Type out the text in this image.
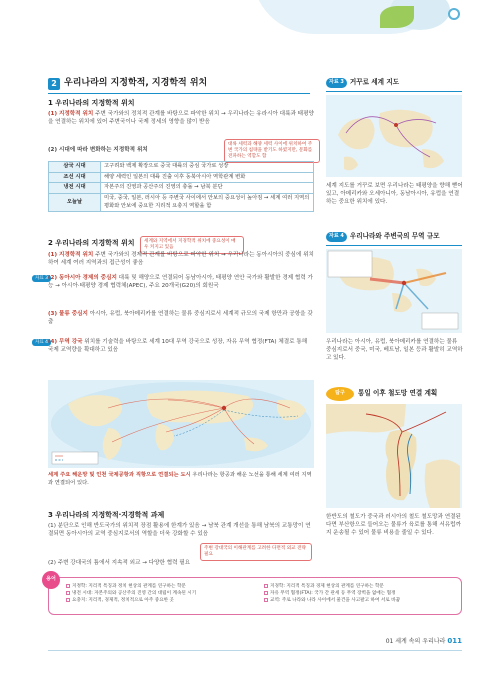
2 우리나라의 지정학적, 지경학적 위치
1 우리나라의 지정학적 위치
(1) 지정학적 위치 주변 국가와의 정치적 관계를 바탕으로 파악한 위치 → 우리나라는 유라시아 대륙과 태평양을 연결하는 위치에 있어 주변국이나 국제 정세의 영향을 많이 받음
(2) 시대에 따라 변화하는 지정학적 위치
대륙 세력과 해양 세력 사이에 위치하여 주변 국가의 침략을 받기도 하였지만, 문화를 전파하는 역할도 함
삼국 시대	고구려와 백제 확장으로 중국 대륙의 중심 국가로 성장
조선 시대	해양 세력인 일본의 대륙 진출 이후 동북아시아 역학관계 변화
냉전 시대	자본주의 진영과 공산주의 진영의 충돌 → 남북 분단
오늘날	미국, 중국, 일본, 러시아 등 주변국 사이에서 안보의 중요성이 높아짐 → 세계 여러 지역의 평화와 안보에 중요한 지리적 요충지 역할을 함
2 우리나라의 지경학적 위치	세계와 지역에서 지경학적 위치에 중요성이 매우 커지고 있음
(1) 지경학적 위치 주변 국가와의 경제적 관계를 바탕으로 파악한 위치 → 우리나라는 동아시아의 중심에 위치하여 세계 여러 지역과의 접근성이 좋음
자료 3 (2) 동아시아 경제의 중심지 대륙 및 해양으로 연결되어 동남아시아, 태평양 연안 국가와 활발한 경제 협력 가능 → 아시아·태평양 경제 협력체(APEC), 주요 20개국(G20)의 회원국
(3) 물류 중심지 아시아, 유럽, 북아메리카를 연결하는 물류 중심지로서 세계적 규모의 국제 항만과 공항을 갖춤
자료 4 (4) 무역 강국 위치를 기술력을 바탕으로 세계 10대 무역 강국으로 성장, 자유 무역 협정(FTA) 체결로 통해 국제 교역량을 확대하고 있음
세계 주요 해운망 및 인천 국제공항과 직항으로 연결되는 도시 우리나라는 항공과 해운 노선을 통해 세계 여러 지역과 연결되어 있다.
3 우리나라의 지정학적·지경학적 과제
(1) 분단으로 인해 반도국가의 위치적 장점 활용에 한계가 있음 → 남북 관계 개선을 통해 남북의 교통망이 연결되면 동아시아의 교역 중심지로서의 역할을 더욱 강화할 수 있음
주변 강대국의 이해관계를 고려한 다면적 외교 전략 필요
(2) 주변 강대국의 틈에서 지속적 외교 → 다양한 협력 필요
자료 3 거꾸로 세계 지도
세계 지도를 거꾸로 보면 우리나라는 태평양을 향해 뻗어 있고, 아메리카와 오세아니아, 동남아시아, 유럽을 연결하는 중요한 위치에 있다.
자료 4 우리나라와 주변국의 무역 규모
우리나라는 아시아, 유럽, 북아메리카를 연결하는 물류 중심지로서 중국, 미국, 베트남, 일본 등과 활발히 교역하고 있다.
탐구	통일 이후 철도망 연결 계획
한반도의 철도가 중국과 러시아의 철도 철도망과 연결된다면 부산항으로 들어오는 물류가 육로를 통해 서유럽까지 운송될 수 있어 물류 비용을 줄일 수 있다.
용어
지정학: 지리적 특징과 정치 현상의 관계를 연구하는 학문
냉전 시대: 자본주의와 공산주의 진영 간의 대립이 계속된 시기
요충지: 지리적, 경제적, 정치적으로 아주 중요한 곳
지경학: 지리적 특징과 경제 현상의 관계를 연구하는 학문
자유 무역 협정(FTA): 국가 간 관세 등 무역 장벽을 없애는 협정
교역: 주로 나라와 나라 사이에서 물건을 사고팔고 하여 서로 바꿈
01 세계 속의 우리나라 011
